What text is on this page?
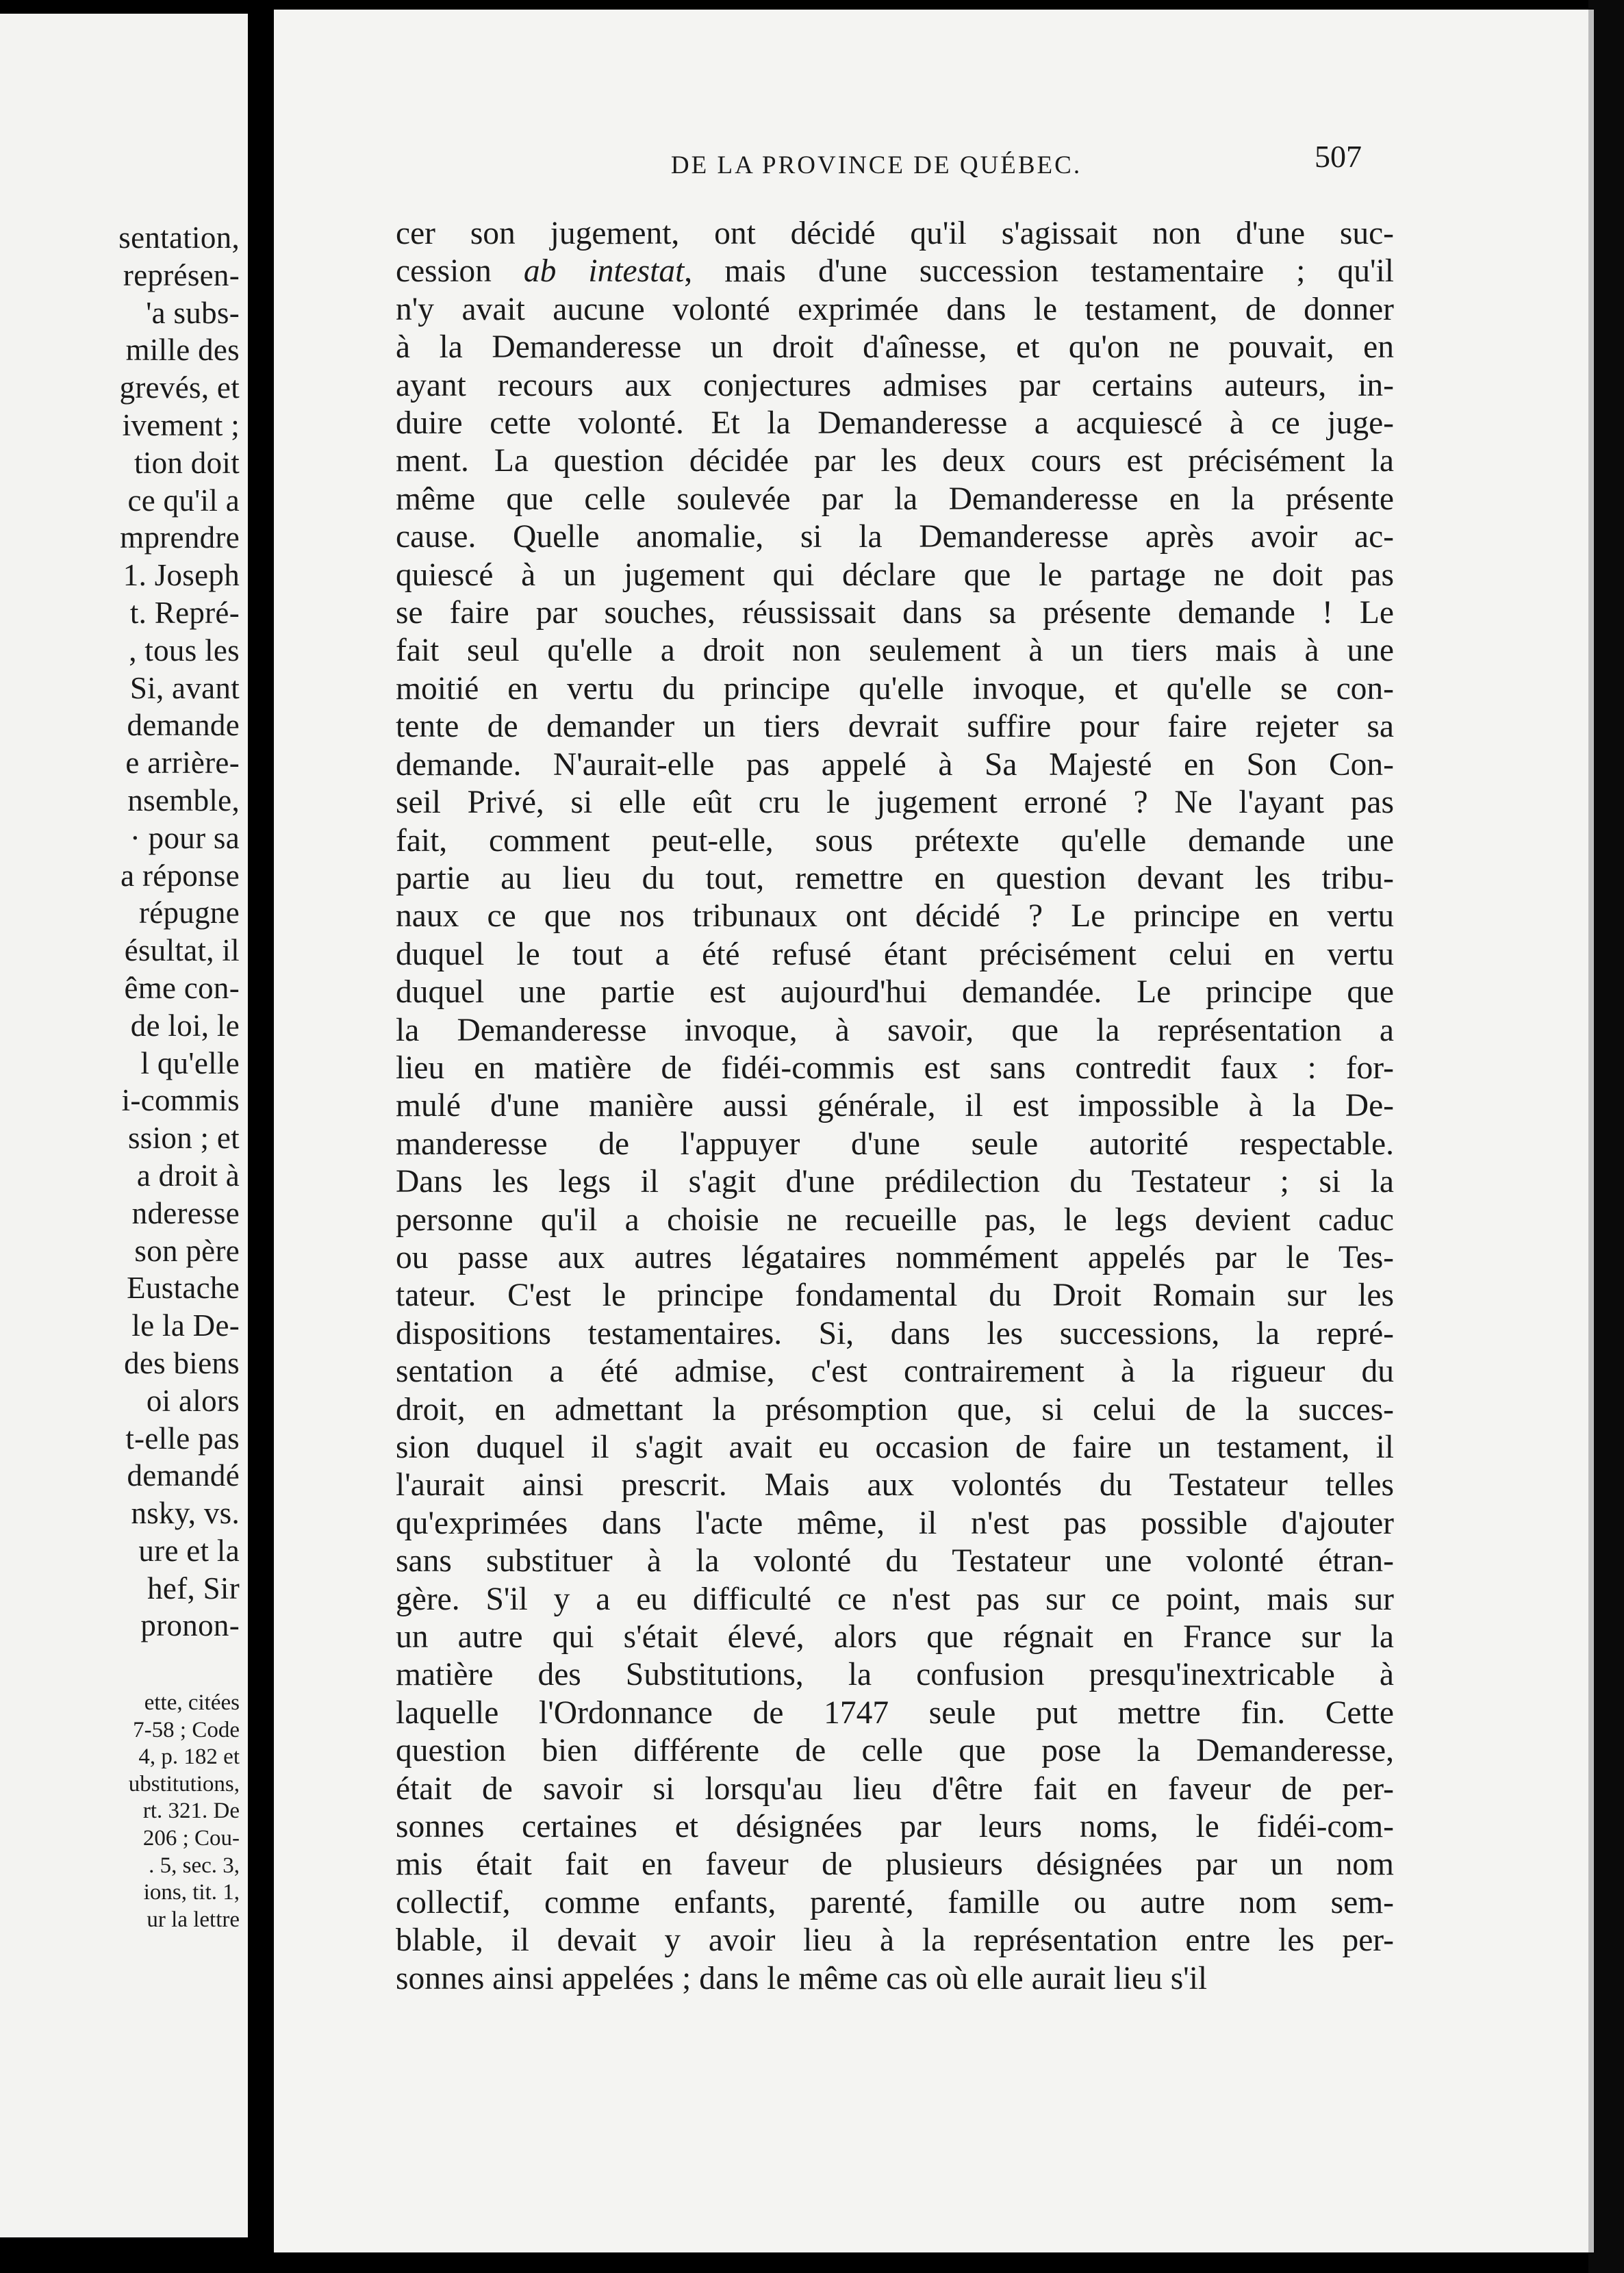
sentation,
représen-
'a subs-
mille des
grevés, et
ivement ;
tion doit
ce qu'il a
mprendre
1. Joseph
t. Repré-
, tous les
Si, avant
demande
e arrière-
nsemble,
· pour sa
a réponse
répugne
ésultat, il
ême con-
de loi, le
l qu'elle
i-commis
ssion ; et
a droit à
nderesse
son père
Eustache
le la De-
des biens
oi alors
t-elle pas
demandé
nsky, vs.
ure et la
hef, Sir
pronon-
ette, citées
7-58 ; Code
4, p. 182 et
ubstitutions,
rt. 321. De
206 ; Cou-
. 5, sec. 3,
ions, tit. 1,
ur la lettre
DE LA PROVINCE DE QUÉBEC.	507
cer son jugement, ont décidé qu'il s'agissait non d'une suc-
cession ab intestat, mais d'une succession testamentaire ; qu'il
n'y avait aucune volonté exprimée dans le testament, de donner
à la Demanderesse un droit d'aînesse, et qu'on ne pouvait, en
ayant recours aux conjectures admises par certains auteurs, in-
duire cette volonté. Et la Demanderesse a acquiescé à ce juge-
ment. La question décidée par les deux cours est précisément la
même que celle soulevée par la Demanderesse en la présente
cause. Quelle anomalie, si la Demanderesse après avoir ac-
quiescé à un jugement qui déclare que le partage ne doit pas
se faire par souches, réussissait dans sa présente demande ! Le
fait seul qu'elle a droit non seulement à un tiers mais à une
moitié en vertu du principe qu'elle invoque, et qu'elle se con-
tente de demander un tiers devrait suffire pour faire rejeter sa
demande. N'aurait-elle pas appelé à Sa Majesté en Son Con-
seil Privé, si elle eût cru le jugement erroné ? Ne l'ayant pas
fait, comment peut-elle, sous prétexte qu'elle demande une
partie au lieu du tout, remettre en question devant les tribu-
naux ce que nos tribunaux ont décidé ? Le principe en vertu
duquel le tout a été refusé étant précisément celui en vertu
duquel une partie est aujourd'hui demandée. Le principe que
la Demanderesse invoque, à savoir, que la représentation a
lieu en matière de fidéi-commis est sans contredit faux : for-
mulé d'une manière aussi générale, il est impossible à la De-
manderesse de l'appuyer d'une seule autorité respectable.
Dans les legs il s'agit d'une prédilection du Testateur ; si la
personne qu'il a choisie ne recueille pas, le legs devient caduc
ou passe aux autres légataires nommément appelés par le Tes-
tateur. C'est le principe fondamental du Droit Romain sur les
dispositions testamentaires. Si, dans les successions, la repré-
sentation a été admise, c'est contrairement à la rigueur du
droit, en admettant la présomption que, si celui de la succes-
sion duquel il s'agit avait eu occasion de faire un testament, il
l'aurait ainsi prescrit. Mais aux volontés du Testateur telles
qu'exprimées dans l'acte même, il n'est pas possible d'ajouter
sans substituer à la volonté du Testateur une volonté étran-
gère. S'il y a eu difficulté ce n'est pas sur ce point, mais sur
un autre qui s'était élevé, alors que régnait en France sur la
matière des Substitutions, la confusion presqu'inextricable à
laquelle l'Ordonnance de 1747 seule put mettre fin. Cette
question bien différente de celle que pose la Demanderesse,
était de savoir si lorsqu'au lieu d'être fait en faveur de per-
sonnes certaines et désignées par leurs noms, le fidéi-com-
mis était fait en faveur de plusieurs désignées par un nom
collectif, comme enfants, parenté, famille ou autre nom sem-
blable, il devait y avoir lieu à la représentation entre les per-
sonnes ainsi appelées ; dans le même cas où elle aurait lieu s'il
